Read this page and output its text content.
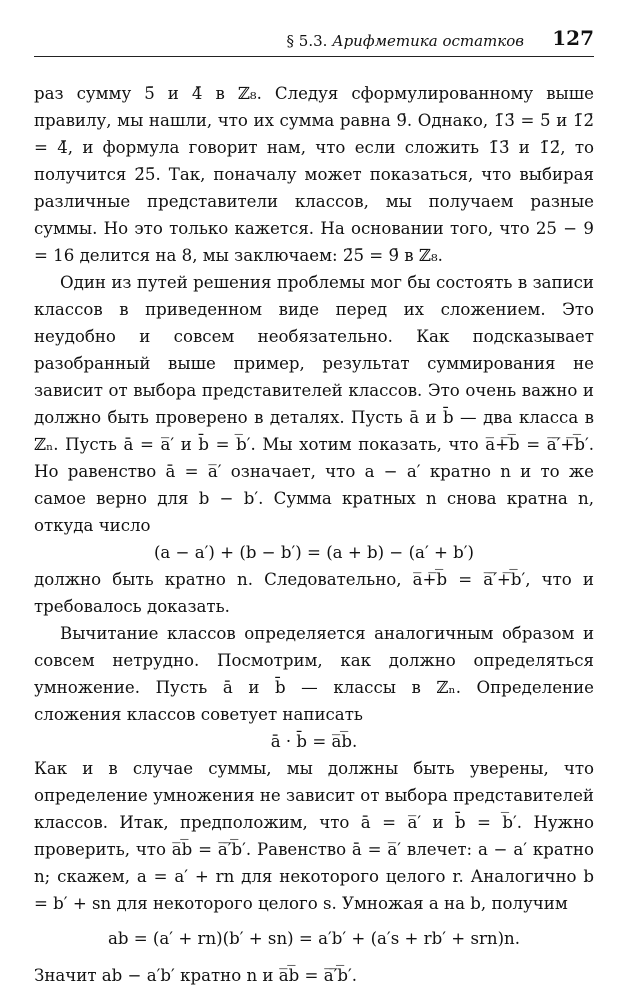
§ 5.3. Арифметика остатков 127

раз сумму 5̄ и 4̄ в ℤ₈. Следуя сформулированному выше правилу, мы нашли, что их сумма равна 9̄. Однако, 1̄3̄ = 5̄ и 1̄2̄ = 4̄, и формула говорит нам, что если сложить 1̄3̄ и 1̄2̄, то получится 2̄5̄. Так, поначалу может показаться, что выбирая различные представители классов, мы получаем разные суммы. Но это только кажется. На основании того, что 25 − 9 = 16 делится на 8, мы заключаем: 2̄5̄ = 9̄ в ℤ₈.

Один из путей решения проблемы мог бы состоять в записи классов в приведенном виде перед их сложением. Это неудобно и совсем необязательно. Как подсказывает разобранный выше пример, результат суммирования не зависит от выбора представителей классов. Это очень важно и должно быть проверено в деталях. Пусть ā и b̄ — два класса в ℤₙ. Пусть ā = a̅′ и b̄ = b̅′. Мы хотим показать, что a̅+̅b̅ = a̅′̅+̅b̅′. Но равенство ā = a̅′ означает, что a − a′ кратно n и то же самое верно для b − b′. Сумма кратных n снова кратна n, откуда число

(a − a′) + (b − b′) = (a + b) − (a′ + b′)

должно быть кратно n. Следовательно, a̅+̅b̅ = a̅′̅+̅b̅′, что и требовалось доказать.

Вычитание классов определяется аналогичным образом и совсем нетрудно. Посмотрим, как должно определяться умножение. Пусть ā и b̄ — классы в ℤₙ. Определение сложения классов советует написать

ā · b̄ = a̅b̅.

Как и в случае суммы, мы должны быть уверены, что определение умножения не зависит от выбора представителей классов. Итак, предположим, что ā = a̅′ и b̄ = b̅′. Нужно проверить, что a̅b̅ = a̅′̅b̅′. Равенство ā = a̅′ влечет: a − a′ кратно n; скажем, a = a′ + rn для некоторого целого r. Аналогично b = b′ + sn для некоторого целого s. Умножая a на b, получим

ab = (a′ + rn)(b′ + sn) = a′b′ + (a′s + rb′ + srn)n.

Значит ab − a′b′ кратно n и a̅b̅ = a̅′̅b̅′.
